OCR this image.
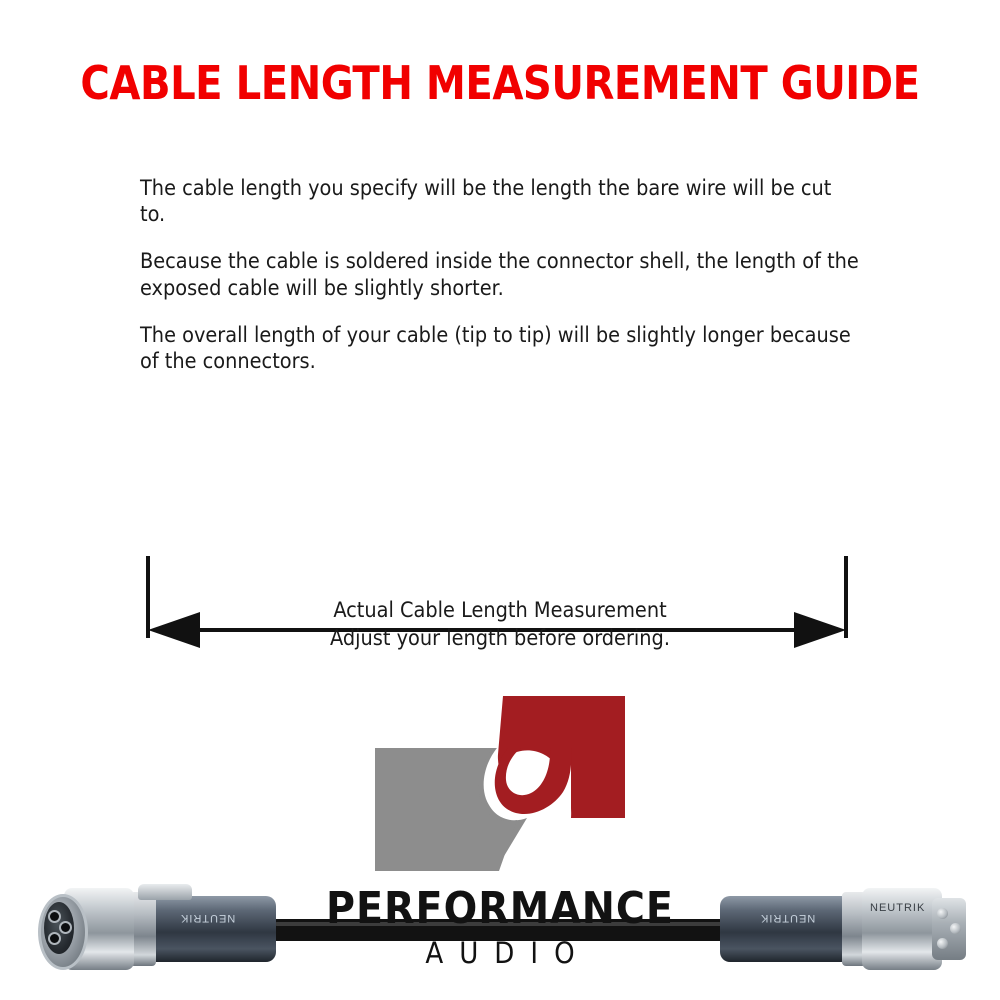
CABLE LENGTH MEASUREMENT GUIDE

The cable length you specify will be the length the bare wire will be cut to.

Because the cable is soldered inside the connector shell, the length of the exposed cable will be slightly shorter.

The overall length of your cable (tip to tip) will be slightly longer because of the connectors.

NEUTRIK	NEUTRIK
NEUTRIK
Actual Cable Length Measurement
Adjust your length before ordering.
PERFORMANCE
AUDIO
